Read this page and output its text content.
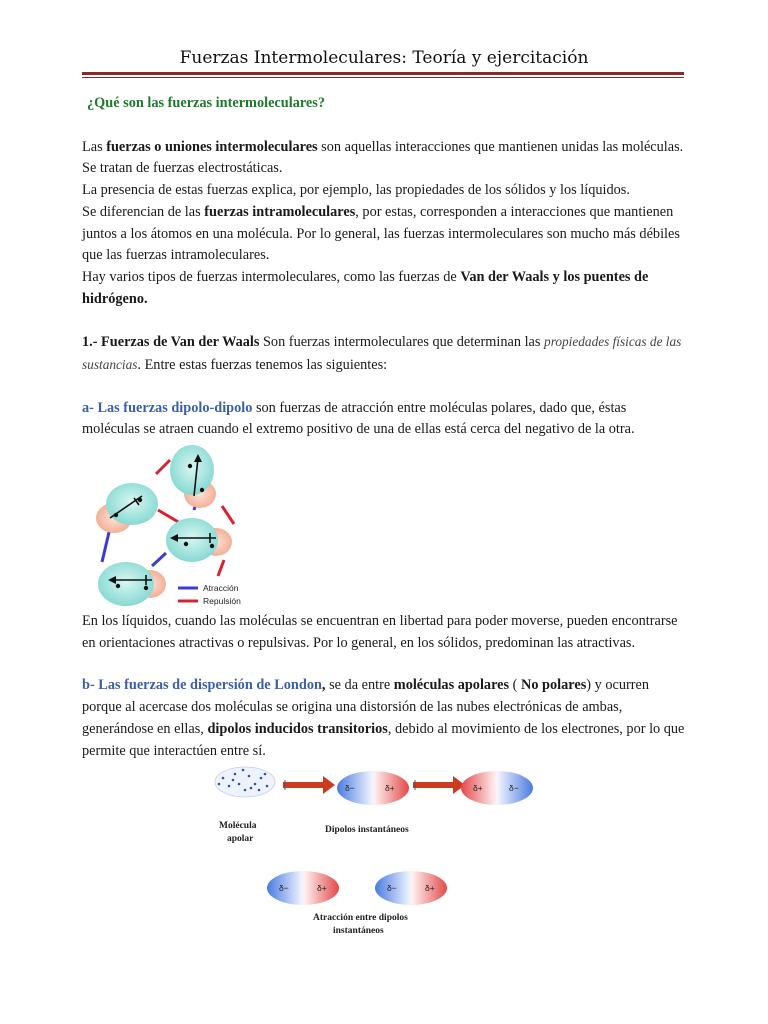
Fuerzas Intermoleculares: Teoría y ejercitación

¿Qué son las fuerzas intermoleculares?

Las fuerzas o uniones intermoleculares son aquellas interacciones que mantienen unidas las moléculas. Se tratan de fuerzas electrostáticas.

La presencia de estas fuerzas explica, por ejemplo, las propiedades de los sólidos y los líquidos.

Se diferencian de las fuerzas intramoleculares, por estas, corresponden a interacciones que mantienen juntos a los átomos en una molécula. Por lo general, las fuerzas intermoleculares son mucho más débiles que las fuerzas intramoleculares.

Hay varios tipos de fuerzas intermoleculares, como las fuerzas de Van der Waals y los puentes de hidrógeno.

1.- Fuerzas de Van der Waals Son fuerzas intermoleculares que determinan las propiedades físicas de las sustancias. Entre estas fuerzas tenemos las siguientes:

a- Las fuerzas dipolo-dipolo son fuerzas de atracción entre moléculas polares, dado que, éstas moléculas se atraen cuando el extremo positivo de una de ellas está cerca del negativo de la otra.

Atracción
Repulsión

En los líquidos, cuando las moléculas se encuentran en libertad para poder moverse, pueden encontrarse en orientaciones atractivas o repulsivas. Por lo general, en los sólidos, predominan las atractivas.

b- Las fuerzas de dispersión de London, se da entre moléculas apolares ( No polares) y ocurren porque al acercase dos moléculas se origina una distorsión de las nubes electrónicas de ambas, generándose en ellas, dipolos inducidos transitorios, debido al movimiento de los electrones, por lo que permite que interactúen entre sí.

δ−	δ+	δ+	δ−
Molécula
apolar
Dipolos instantáneos
δ−	δ+	δ−	δ+
Atracción entre dipolos
instantáneos
